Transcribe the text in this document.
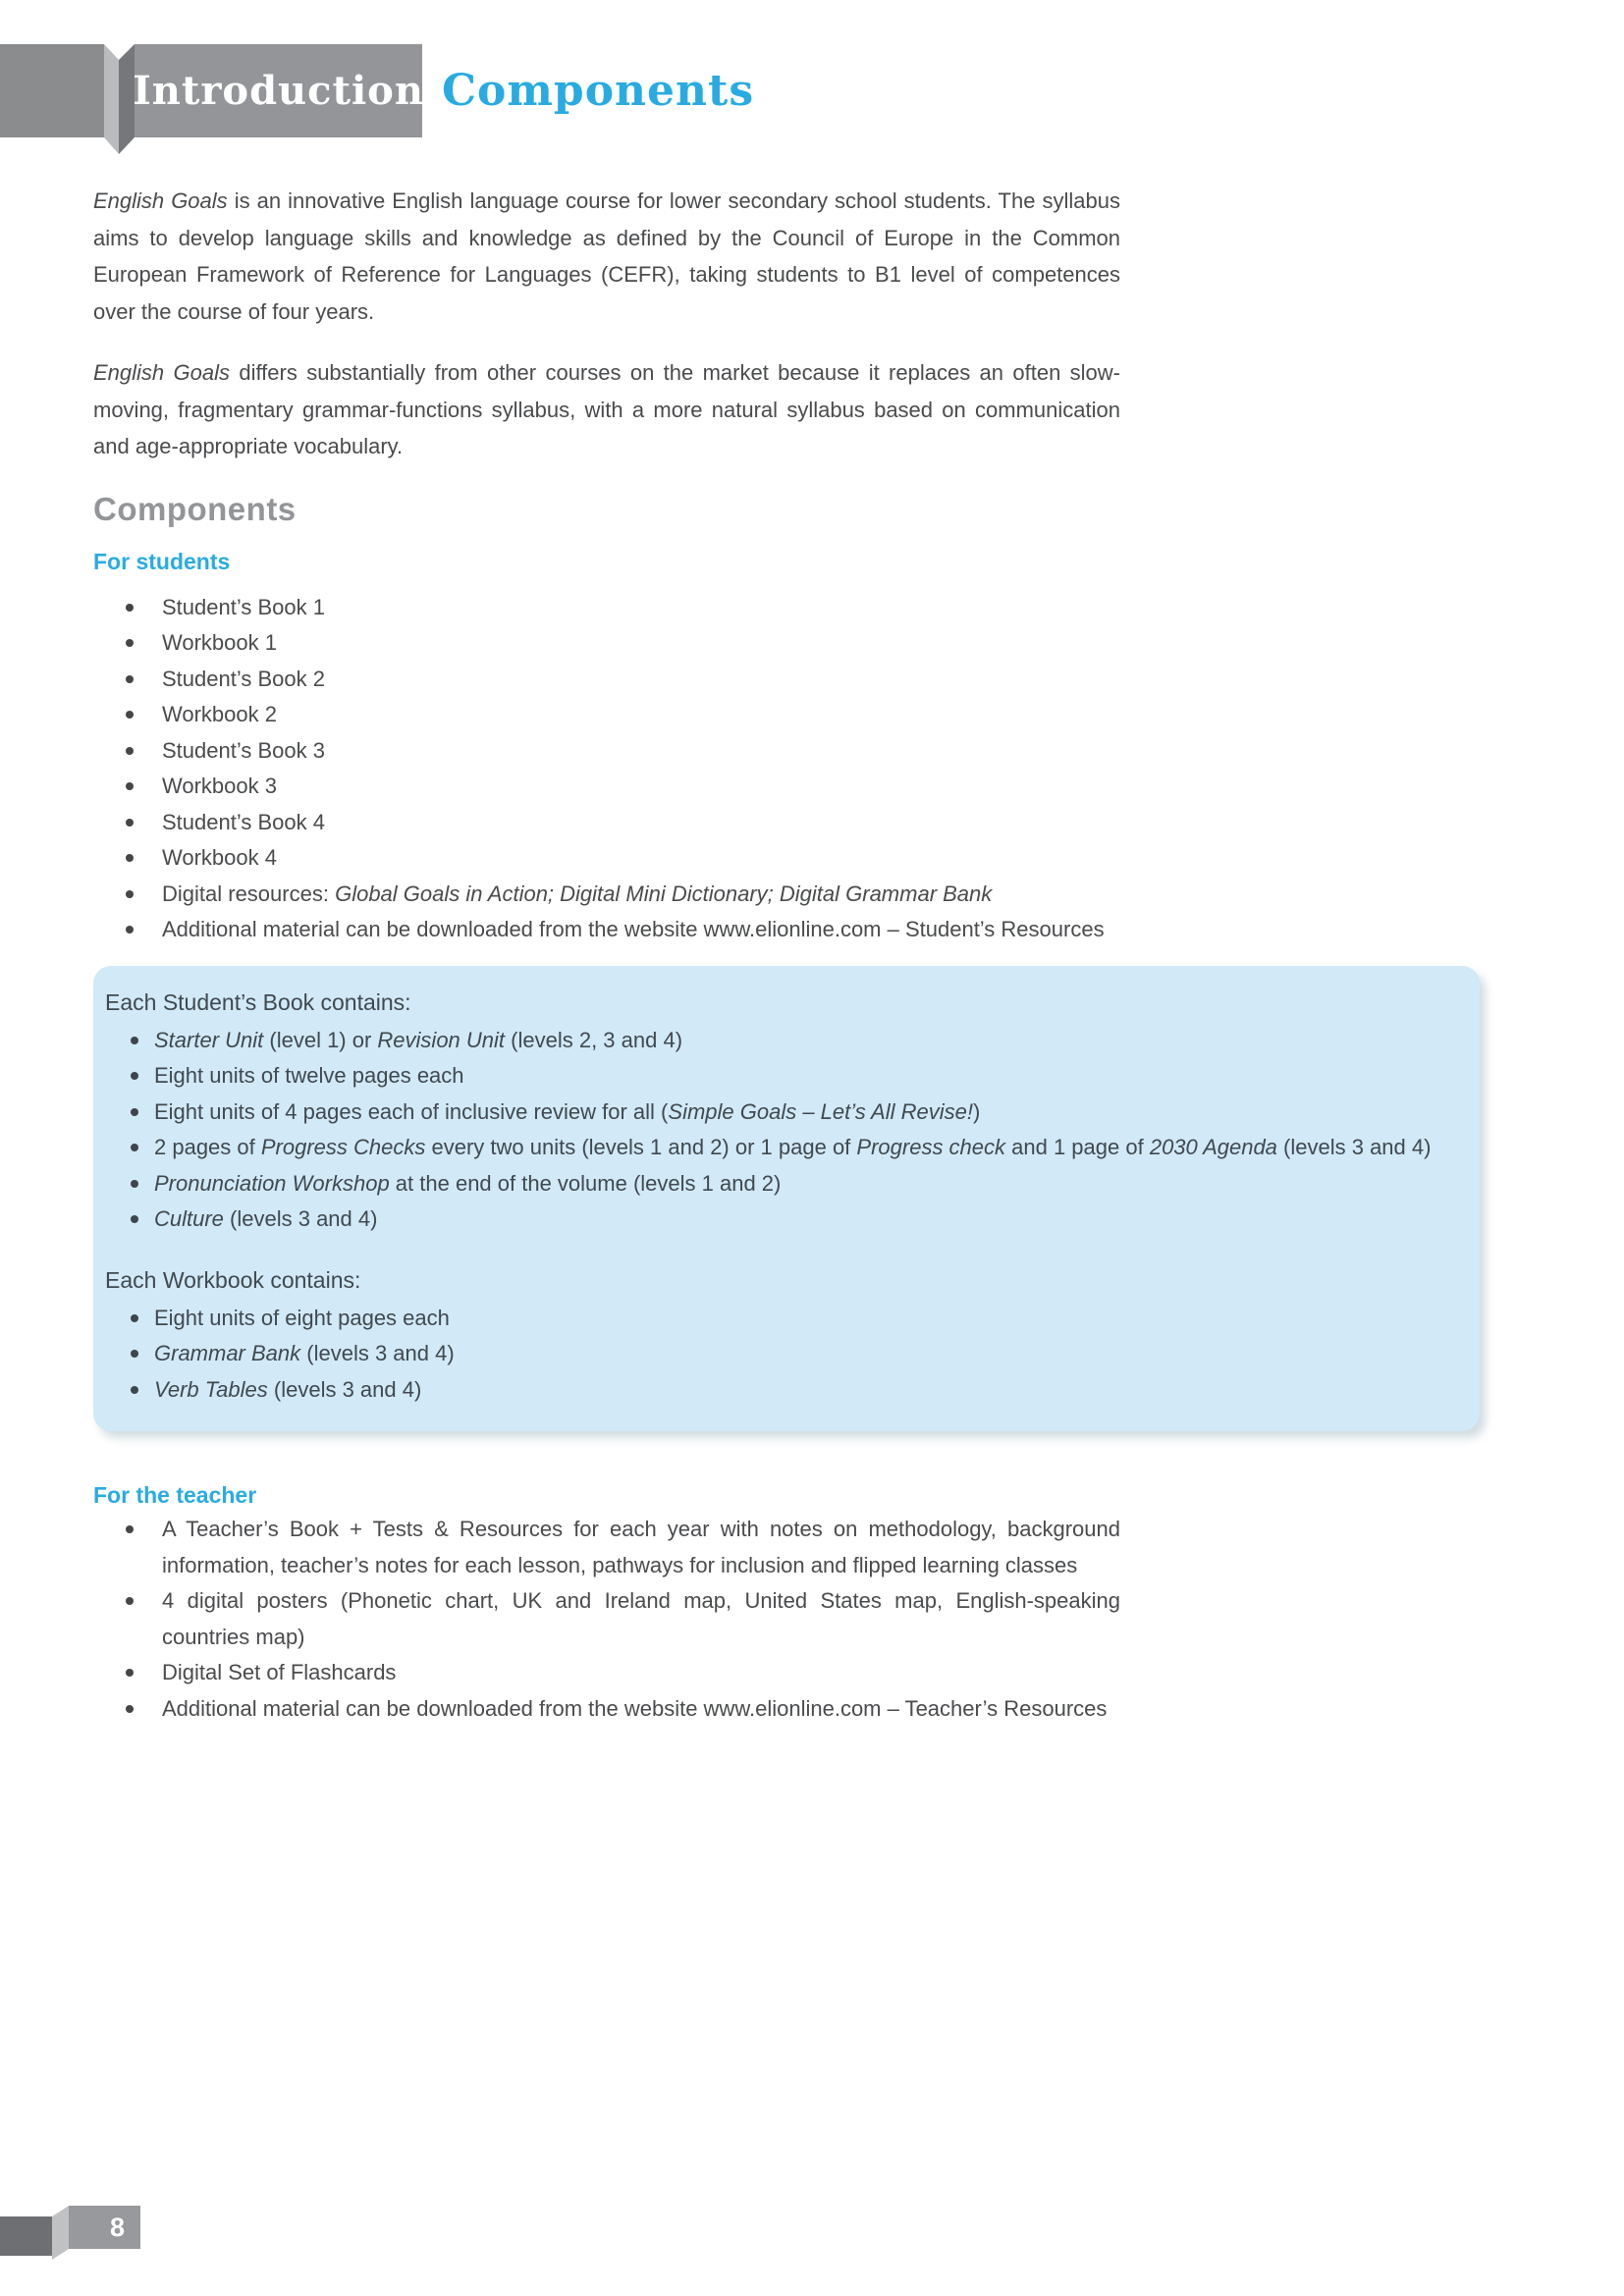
Introduction Components

English Goals is an innovative English language course for lower secondary school students. The syllabus aims to develop language skills and knowledge as defined by the Council of Europe in the Common European Framework of Reference for Languages (CEFR), taking students to B1 level of competences over the course of four years.

English Goals differs substantially from other courses on the market because it replaces an often slow-moving, fragmentary grammar-functions syllabus, with a more natural syllabus based on communication and age-appropriate vocabulary.

Components
For students
Student’s Book 1
Workbook 1
Student’s Book 2
Workbook 2
Student’s Book 3
Workbook 3
Student’s Book 4
Workbook 4
Digital resources: Global Goals in Action; Digital Mini Dictionary; Digital Grammar Bank
Additional material can be downloaded from the website www.elionline.com – Student’s Resources

Each Student’s Book contains:

Starter Unit (level 1) or Revision Unit (levels 2, 3 and 4)
Eight units of twelve pages each
Eight units of 4 pages each of inclusive review for all (Simple Goals – Let’s All Revise!)
2 pages of Progress Checks every two units (levels 1 and 2) or 1 page of Progress check and 1 page of 2030 Agenda (levels 3 and 4)
Pronunciation Workshop at the end of the volume (levels 1 and 2)
Culture (levels 3 and 4)

Each Workbook contains:

Eight units of eight pages each
Grammar Bank (levels 3 and 4)
Verb Tables (levels 3 and 4)
For the teacher
A Teacher’s Book + Tests & Resources for each year with notes on methodology, background information, teacher’s notes for each lesson, pathways for inclusion and flipped learning classes
4 digital posters (Phonetic chart, UK and Ireland map, United States map, English-speaking countries map)
Digital Set of Flashcards
Additional material can be downloaded from the website www.elionline.com – Teacher’s Resources
8
